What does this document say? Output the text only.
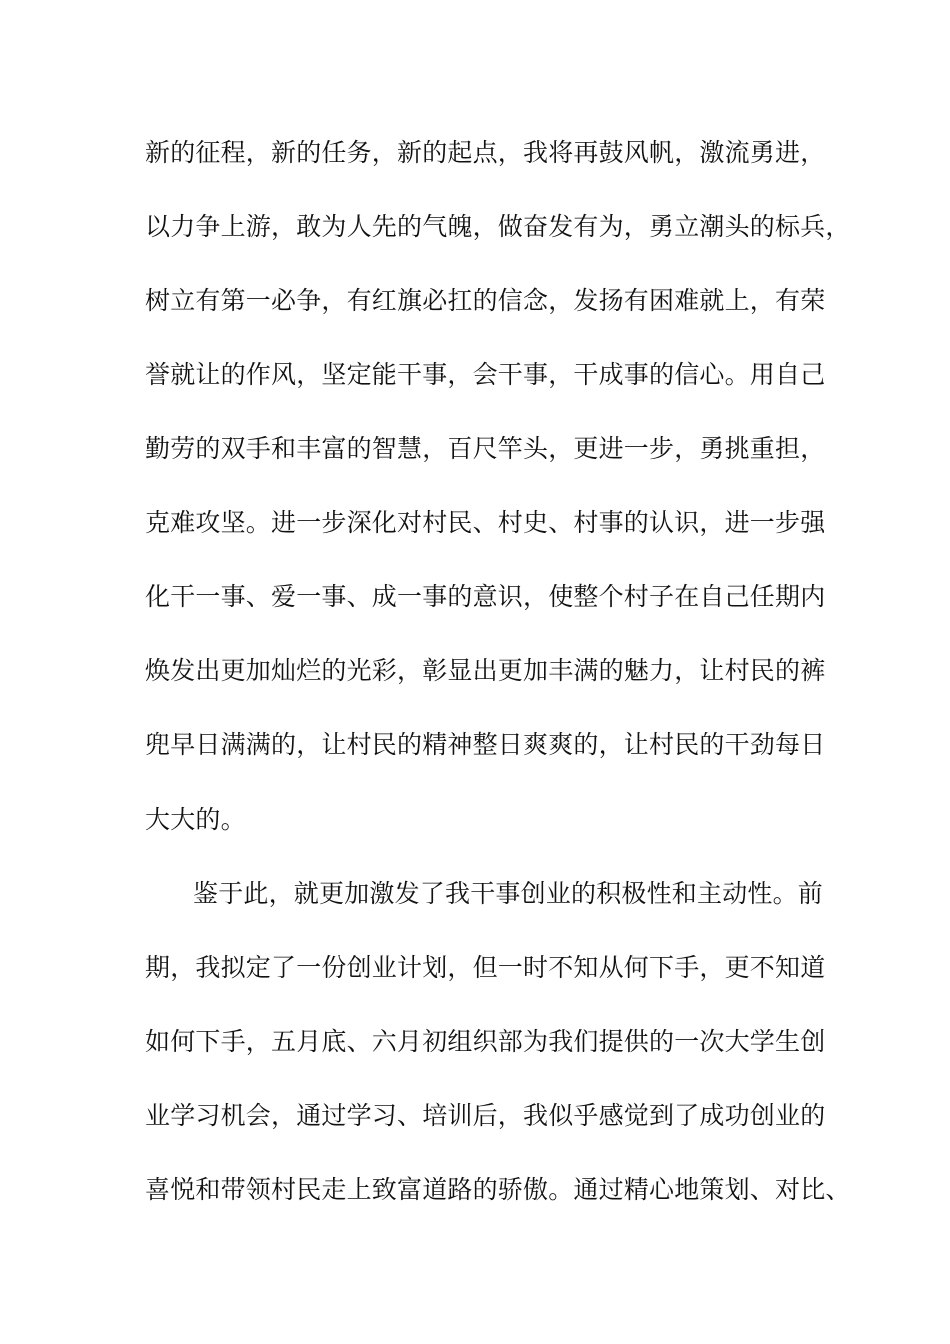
新的征程，新的任务，新的起点，我将再鼓风帆，激流勇进，
以力争上游，敢为人先的气魄，做奋发有为，勇立潮头的标兵，
树立有第一必争，有红旗必扛的信念，发扬有困难就上，有荣
誉就让的作风，坚定能干事，会干事，干成事的信心。用自己
勤劳的双手和丰富的智慧，百尺竿头，更进一步，勇挑重担，
克难攻坚。进一步深化对村民、村史、村事的认识，进一步强
化干一事、爱一事、成一事的意识，使整个村子在自己任期内
焕发出更加灿烂的光彩，彰显出更加丰满的魅力，让村民的裤
兜早日满满的，让村民的精神整日爽爽的，让村民的干劲每日
大大的。
鉴于此，就更加激发了我干事创业的积极性和主动性。前
期，我拟定了一份创业计划，但一时不知从何下手，更不知道
如何下手，五月底、六月初组织部为我们提供的一次大学生创
业学习机会，通过学习、培训后，我似乎感觉到了成功创业的
喜悦和带领村民走上致富道路的骄傲。通过精心地策划、对比、
